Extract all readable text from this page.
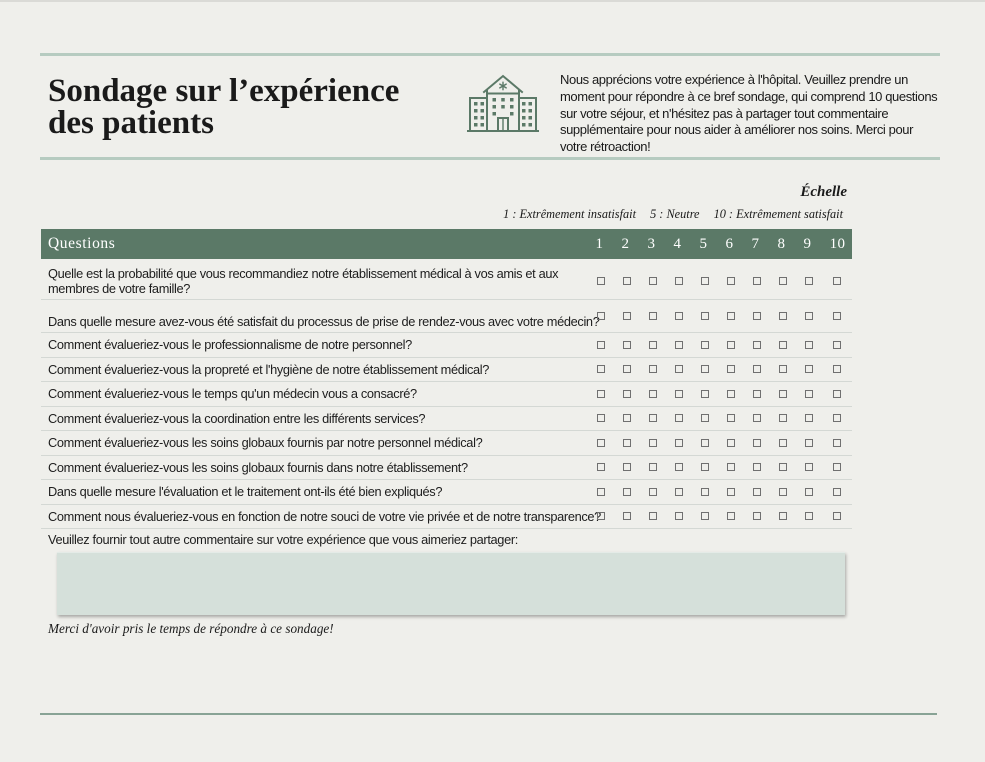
Sondage sur l’expérience des patients
Nous apprécions votre expérience à l'hôpital. Veuillez prendre un
moment pour répondre à ce bref sondage, qui comprend 10 questions
sur votre séjour, et n'hésitez pas à partager tout commentaire
supplémentaire pour nous aider à améliorer nos soins. Merci pour
votre rétroaction!
Échelle
1 : Extrêmement insatisfait 5 : Neutre 10 : Extrêmement satisfait
Questions	1	2	3	4	5	6	7	8	9	10
Quelle est la probabilité que vous recommandiez notre établissement médical à vos amis et aux membres de votre famille?
Dans quelle mesure avez-vous été satisfait du processus de prise de rendez-vous avec votre médecin?
Comment évalueriez-vous le professionnalisme de notre personnel?
Comment évalueriez-vous la propreté et l'hygiène de notre établissement médical?
Comment évalueriez-vous le temps qu'un médecin vous a consacré?
Comment évalueriez-vous la coordination entre les différents services?
Comment évalueriez-vous les soins globaux fournis par notre personnel médical?
Comment évalueriez-vous les soins globaux fournis dans notre établissement?
Dans quelle mesure l'évaluation et le traitement ont-ils été bien expliqués?
Comment nous évalueriez-vous en fonction de notre souci de votre vie privée et de notre transparence?
Veuillez fournir tout autre commentaire sur votre expérience que vous aimeriez partager:
Merci d'avoir pris le temps de répondre à ce sondage!
